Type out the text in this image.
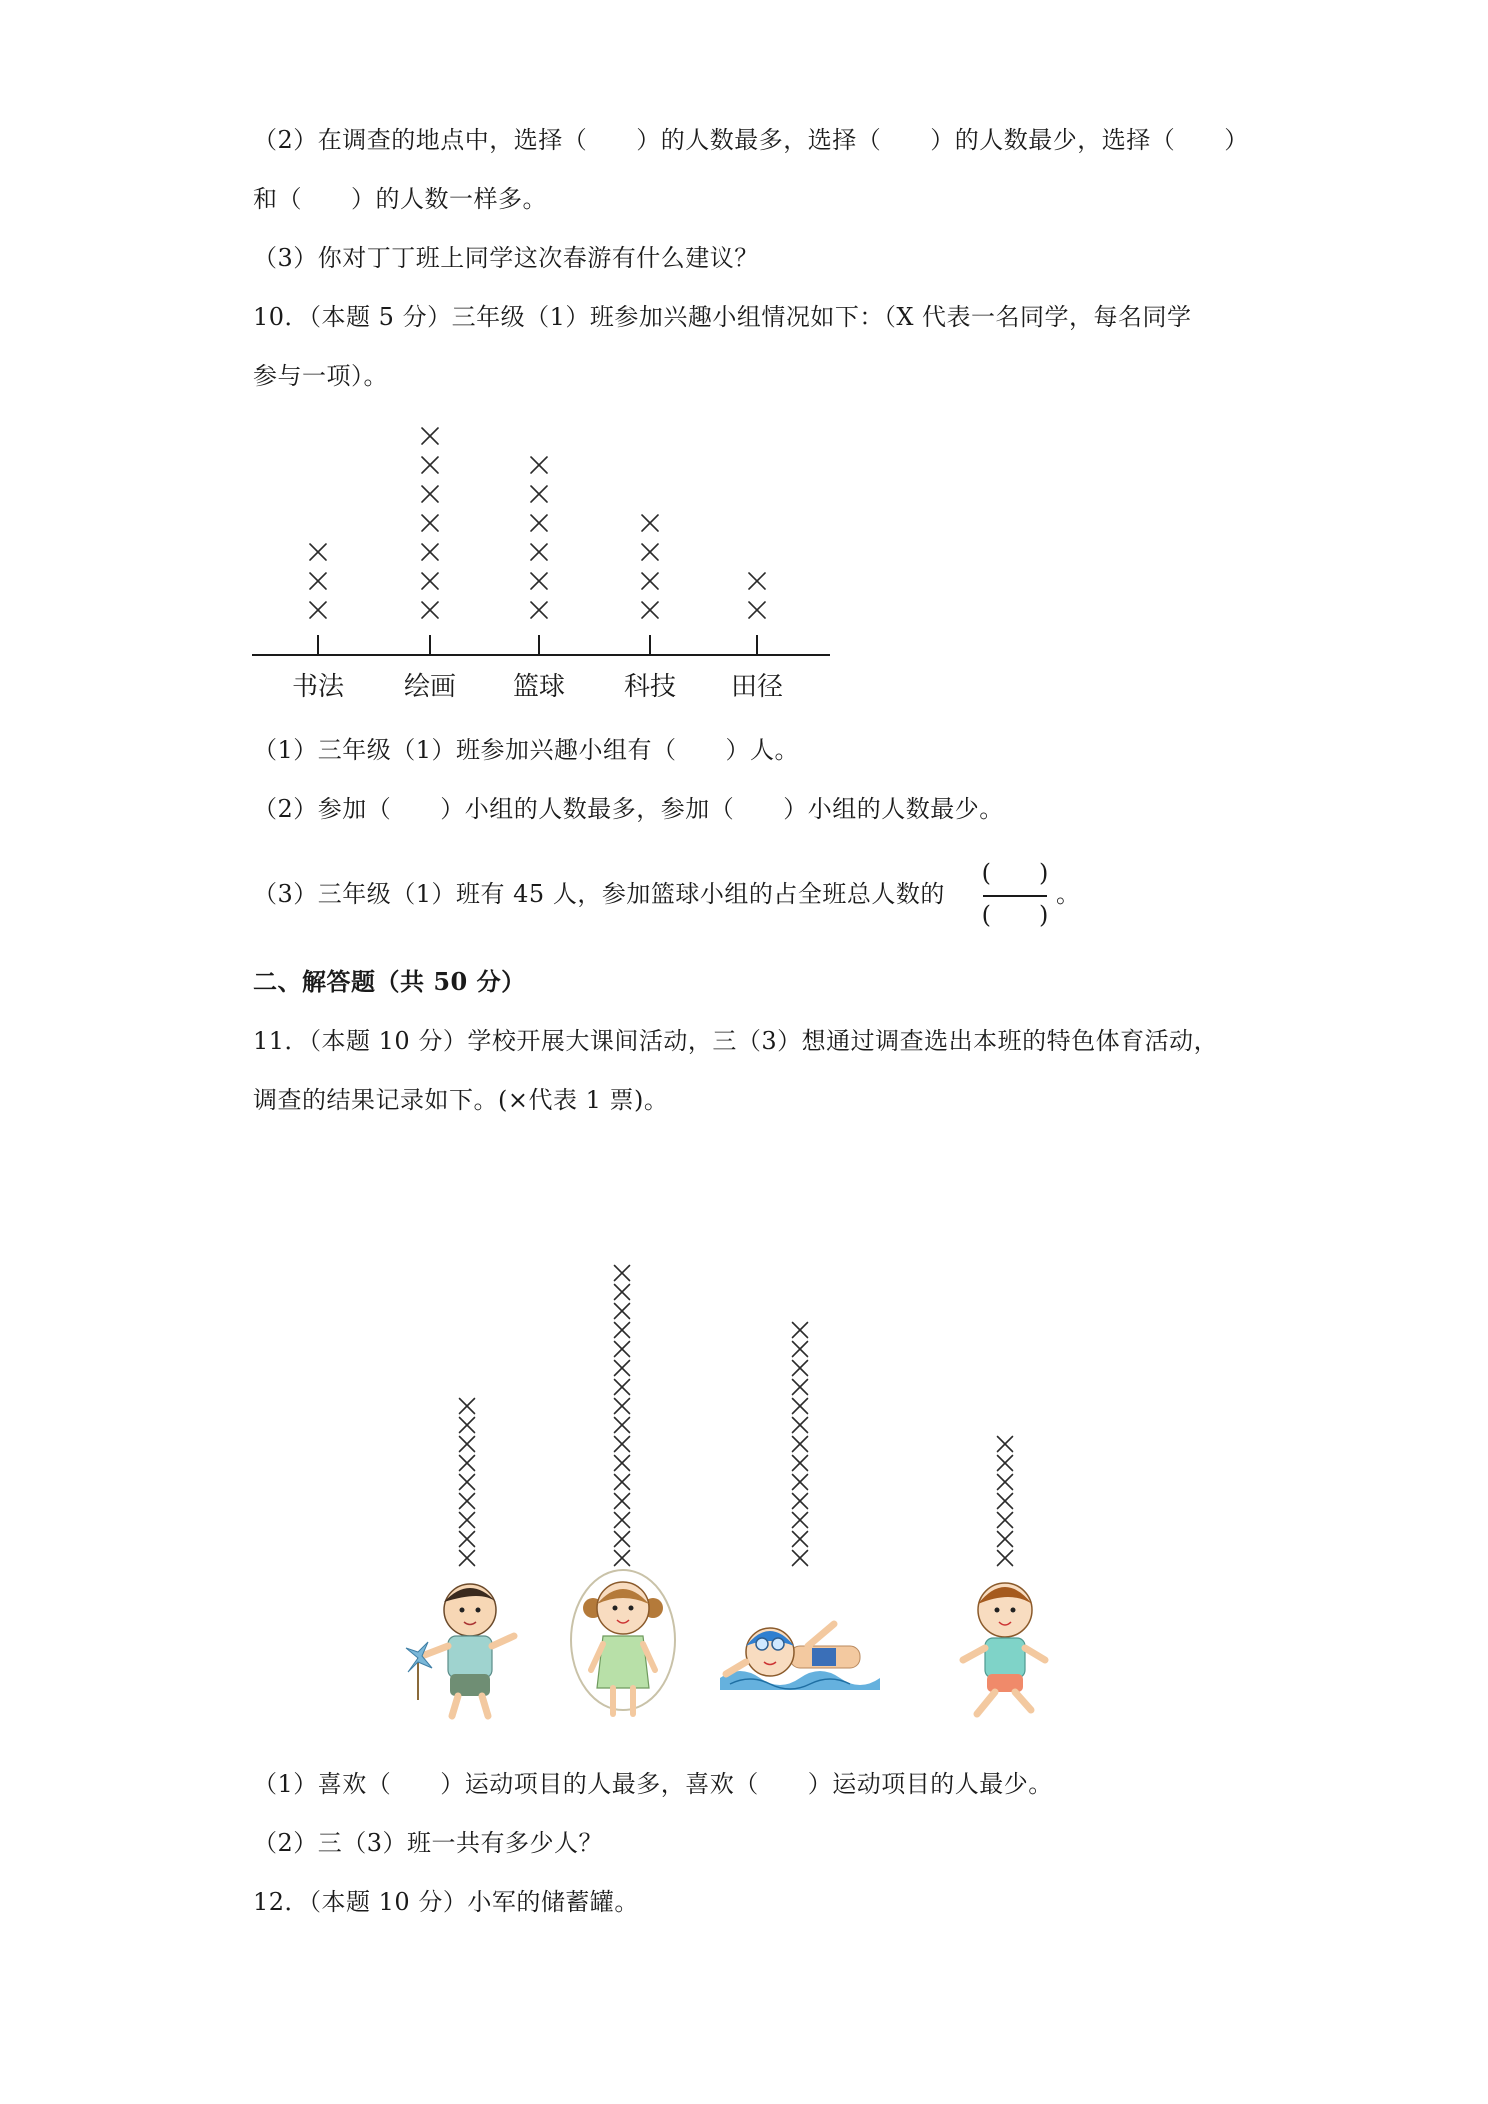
（2）在调查的地点中，选择（　　）的人数最多，选择（　　）的人数最少，选择（　　）
和（　　）的人数一样多。
（3）你对丁丁班上同学这次春游有什么建议？
10．（本题 5 分）三年级（1）班参加兴趣小组情况如下：（X 代表一名同学，每名同学
参与一项）。
书法 绘画 篮球 科技 田径
（1）三年级（1）班参加兴趣小组有（　　）人。
（2）参加（　　）小组的人数最多，参加（　　）小组的人数最少。
（3）三年级（1）班有 45 人，参加篮球小组的占全班总人数的
(　　)
(　　)
。
二、解答题（共 50 分）
11．（本题 10 分）学校开展大课间活动，三（3）想通过调查选出本班的特色体育活动，
调查的结果记录如下。(×代表 1 票)。
（1）喜欢（　　）运动项目的人最多，喜欢（　　）运动项目的人最少。
（2）三（3）班一共有多少人？
12．（本题 10 分）小军的储蓄罐。
